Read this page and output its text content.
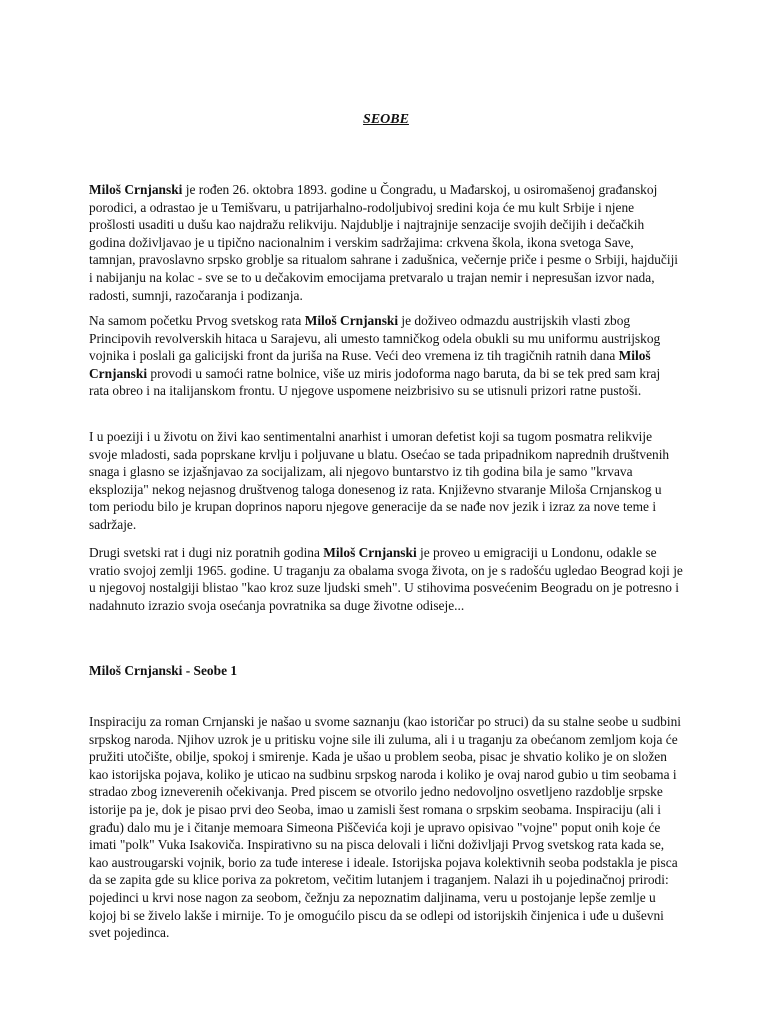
SEOBE

Miloš Crnjanski je rođen 26. oktobra 1893. godine u Čongradu, u Mađarskoj, u osiromašenoj građanskoj porodici, a odrastao je u Temišvaru, u patrijarhalno-rodoljubivoj sredini koja će mu kult Srbije i njene prošlosti usaditi u dušu kao najdražu relikviju. Najdublje i najtrajnije senzacije svojih dečijih i dečačkih godina doživljavao je u tipično nacionalnim i verskim sadržajima: crkvena škola, ikona svetoga Save, tamnjan, pravoslavno srpsko groblje sa ritualom sahrane i zadušnica, večernje priče i pesme o Srbiji, hajdučiji i nabijanju na kolac - sve se to u dečakovim emocijama pretvaralo u trajan nemir i nepresušan izvor nada, radosti, sumnji, razočaranja i podizanja.

Na samom početku Prvog svetskog rata Miloš Crnjanski je doživeo odmazdu austrijskih vlasti zbog Principovih revolverskih hitaca u Sarajevu, ali umesto tamničkog odela obukli su mu uniformu austrijskog vojnika i poslali ga galicijski front da juriša na Ruse. Veći deo vremena iz tih tragičnih ratnih dana Miloš Crnjanski provodi u samoći ratne bolnice, više uz miris jodoforma nago baruta, da bi se tek pred sam kraj rata obreo i na italijanskom frontu. U njegove uspomene neizbrisivo su se utisnuli prizori ratne pustoši.

I u poeziji i u životu on živi kao sentimentalni anarhist i umoran defetist koji sa tugom posmatra relikvije svoje mladosti, sada poprskane krvlju i poljuvane u blatu. Osećao se tada pripadnikom naprednih društvenih snaga i glasno se izjašnjavao za socijalizam, ali njegovo buntarstvo iz tih godina bila je samo "krvava eksplozija" nekog nejasnog društvenog taloga donesenog iz rata. Književno stvaranje Miloša Crnjanskog u tom periodu bilo je krupan doprinos naporu njegove generacije da se nađe nov jezik i izraz za nove teme i sadržaje.

Drugi svetski rat i dugi niz poratnih godina Miloš Crnjanski je proveo u emigraciji u Londonu, odakle se vratio svojoj zemlji 1965. godine. U traganju za obalama svoga života, on je s radošću ugledao Beograd koji je u njegovoj nostalgiji blistao "kao kroz suze ljudski smeh". U stihovima posvećenim Beogradu on je potresno i nadahnuto izrazio svoja osećanja povratnika sa duge životne odiseje...

Miloš Crnjanski - Seobe 1

Inspiraciju za roman Crnjanski je našao u svome saznanju (kao istoričar po struci) da su stalne seobe u sudbini srpskog naroda. Njihov uzrok je u pritisku vojne sile ili zuluma, ali i u traganju za obećanom zemljom koja će pružiti utočište, obilje, spokoj i smirenje. Kada je ušao u problem seoba, pisac je shvatio koliko je on složen kao istorijska pojava, koliko je uticao na sudbinu srpskog naroda i koliko je ovaj narod gubio u tim seobama i stradao zbog izneverenih očekivanja. Pred piscem se otvorilo jedno nedovoljno osvetljeno razdoblje srpske istorije pa je, dok je pisao prvi deo Seoba, imao u zamisli šest romana o srpskim seobama. Inspiraciju (ali i građu) dalo mu je i čitanje memoara Simeona Piščevića koji je upravo opisivao "vojne" poput onih koje će imati "polk" Vuka Isakoviča. Inspirativno su na pisca delovali i lični doživljaji Prvog svetskog rata kada se, kao austrougarski vojnik, borio za tuđe interese i ideale. Istorijska pojava kolektivnih seoba podstakla je pisca da se zapita gde su klice poriva za pokretom, večitim lutanjem i traganjem. Nalazi ih u pojedinačnoj prirodi: pojedinci u krvi nose nagon za seobom, čežnju za nepoznatim daljinama, veru u postojanje lepše zemlje u kojoj bi se živelo lakše i mirnije. To je omogućilo piscu da se odlepi od istorijskih činjenica i uđe u duševni svet pojedinca.
